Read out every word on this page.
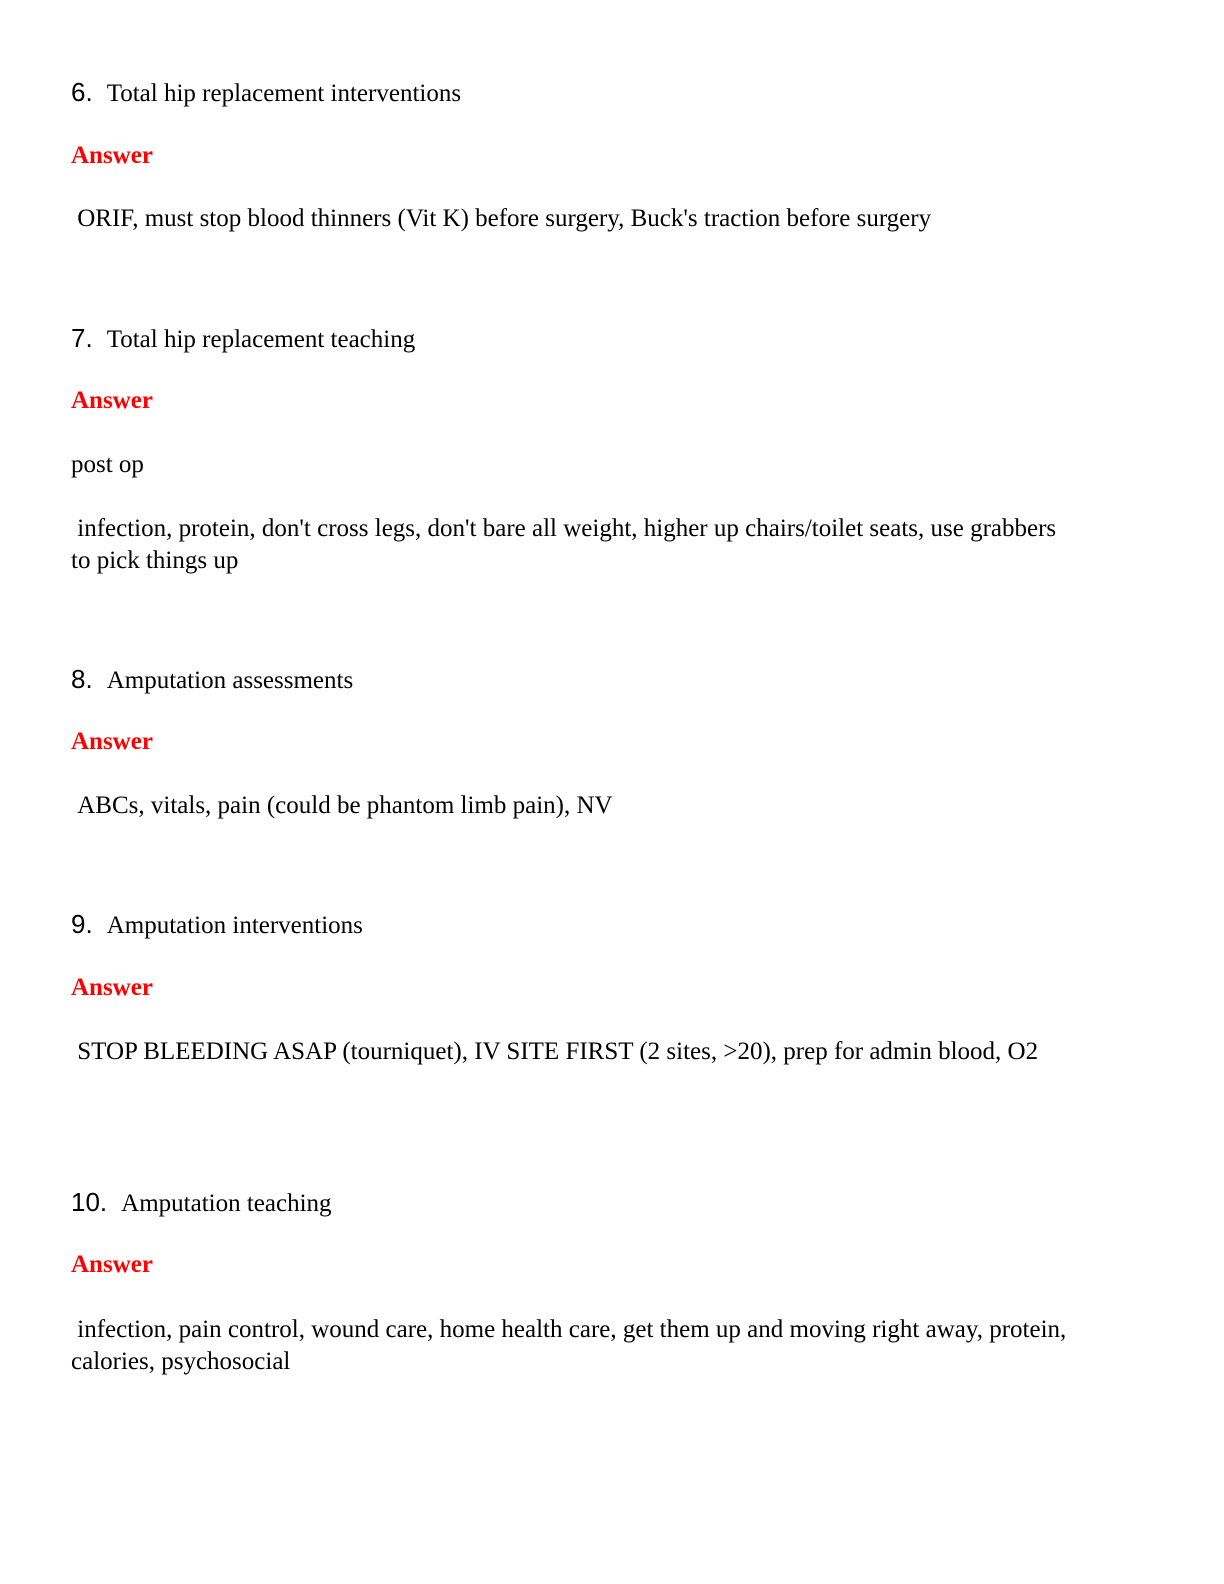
6. Total hip replacement interventions
Answer
ORIF, must stop blood thinners (Vit K) before surgery, Buck's traction before surgery
7. Total hip replacement teaching
Answer
post op
infection, protein, don't cross legs, don't bare all weight, higher up chairs/toilet seats, use grabbers to pick things up
8. Amputation assessments
Answer
ABCs, vitals, pain (could be phantom limb pain), NV
9. Amputation interventions
Answer
STOP BLEEDING ASAP (tourniquet), IV SITE FIRST (2 sites, >20), prep for admin blood, O2
10. Amputation teaching
Answer
infection, pain control, wound care, home health care, get them up and moving right away, protein, calories, psychosocial
